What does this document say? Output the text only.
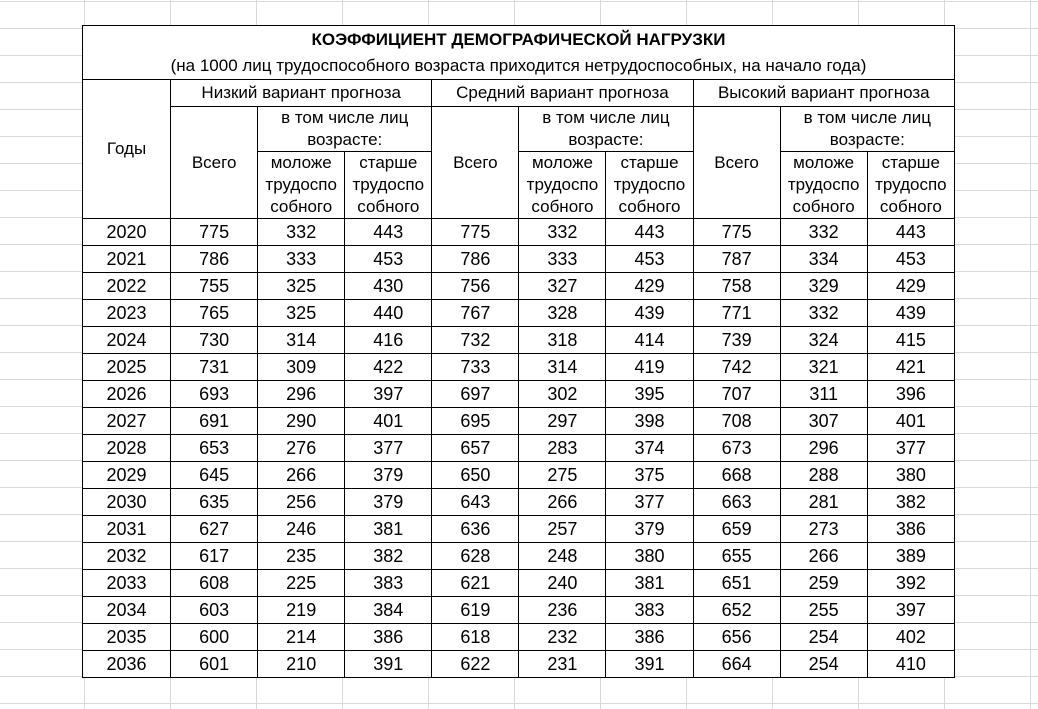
КОЭФФИЦИЕНТ ДЕМОГРАФИЧЕСКОЙ НАГРУЗКИ									
(на 1000 лиц трудоспособного возраста приходится нетрудоспособных, на начало года)									
Годы	Низкий вариант прогноза			Средний вариант прогноза			Высокий вариант прогноза		
	Всего	в том числе лиц возрасте:		Всего	в том числе лиц возрасте:		Всего	в том числе лиц возрасте:	
		моложе трудоспо собного	старше трудоспо собного		моложе трудоспо собного	старше трудоспо собного		моложе трудоспо собного	старше трудоспо собного
2020	775	332	443	775	332	443	775	332	443
2021	786	333	453	786	333	453	787	334	453
2022	755	325	430	756	327	429	758	329	429
2023	765	325	440	767	328	439	771	332	439
2024	730	314	416	732	318	414	739	324	415
2025	731	309	422	733	314	419	742	321	421
2026	693	296	397	697	302	395	707	311	396
2027	691	290	401	695	297	398	708	307	401
2028	653	276	377	657	283	374	673	296	377
2029	645	266	379	650	275	375	668	288	380
2030	635	256	379	643	266	377	663	281	382
2031	627	246	381	636	257	379	659	273	386
2032	617	235	382	628	248	380	655	266	389
2033	608	225	383	621	240	381	651	259	392
2034	603	219	384	619	236	383	652	255	397
2035	600	214	386	618	232	386	656	254	402
2036	601	210	391	622	231	391	664	254	410
